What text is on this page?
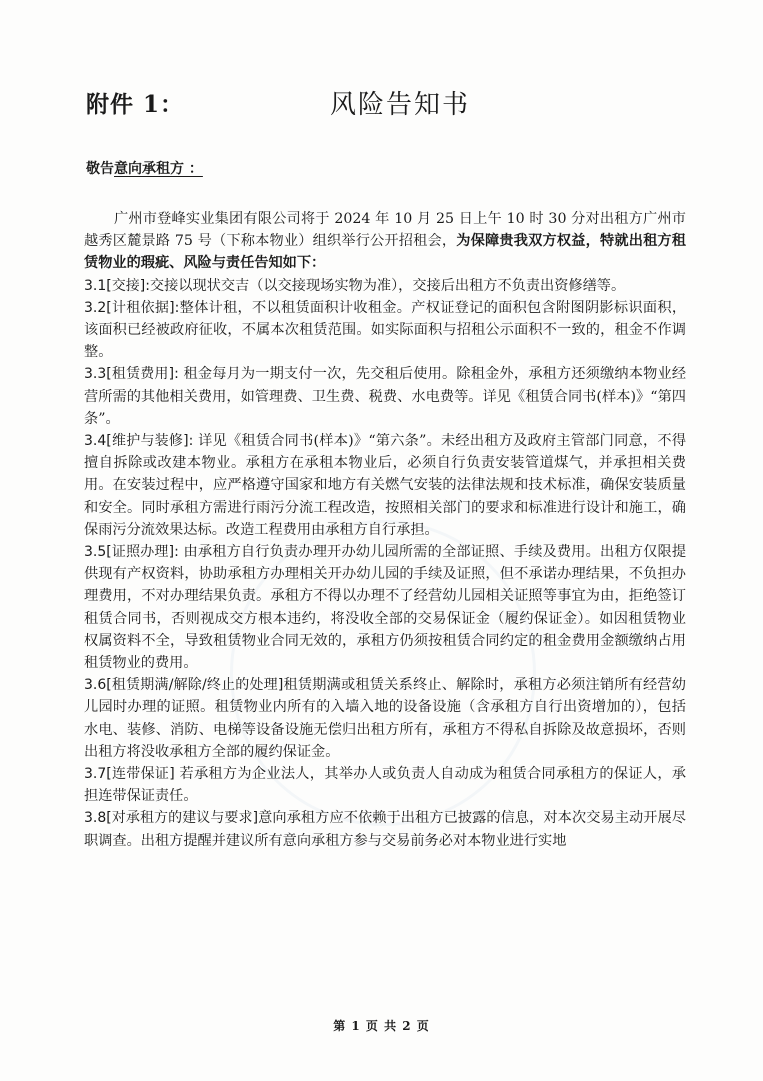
附件 1：	风险告知书
敬告意向承租方 ：

广州市登峰实业集团有限公司将于 2024 年 10 月 25 日上午 10 时 30 分对出租方广州市越秀区麓景路 75 号（下称本物业）组织举行公开招租会，为保障贵我双方权益，特就出租方租赁物业的瑕疵、风险与责任告知如下：

3.1[交接]:交接以现状交吉（以交接现场实物为准），交接后出租方不负责出资修缮等。

3.2[计租依据]:整体计租，不以租赁面积计收租金。产权证登记的面积包含附图阴影标识面积，该面积已经被政府征收，不属本次租赁范围。如实际面积与招租公示面积不一致的，租金不作调整。

3.3[租赁费用]: 租金每月为一期支付一次，先交租后使用。除租金外，承租方还须缴纳本物业经营所需的其他相关费用，如管理费、卫生费、税费、水电费等。详见《租赁合同书(样本)》“第四条”。

3.4[维护与装修]: 详见《租赁合同书(样本)》“第六条”。未经出租方及政府主管部门同意，不得擅自拆除或改建本物业。承租方在承租本物业后，必须自行负责安装管道煤气，并承担相关费用。在安装过程中，应严格遵守国家和地方有关燃气安装的法律法规和技术标准，确保安装质量和安全。同时承租方需进行雨污分流工程改造，按照相关部门的要求和标准进行设计和施工，确保雨污分流效果达标。改造工程费用由承租方自行承担。

3.5[证照办理]: 由承租方自行负责办理开办幼儿园所需的全部证照、手续及费用。出租方仅限提供现有产权资料，协助承租方办理相关开办幼儿园的手续及证照，但不承诺办理结果，不负担办理费用，不对办理结果负责。承租方不得以办理不了经营幼儿园相关证照等事宜为由，拒绝签订租赁合同书，否则视成交方根本违约，将没收全部的交易保证金（履约保证金）。如因租赁物业权属资料不全，导致租赁物业合同无效的，承租方仍须按租赁合同约定的租金费用金额缴纳占用租赁物业的费用。

3.6[租赁期满/解除/终止的处理]租赁期满或租赁关系终止、解除时，承租方必须注销所有经营幼儿园时办理的证照。租赁物业内所有的入墙入地的设备设施（含承租方自行出资增加的），包括水电、装修、消防、电梯等设备设施无偿归出租方所有，承租方不得私自拆除及故意损坏，否则出租方将没收承租方全部的履约保证金。

3.7[连带保证] 若承租方为企业法人，其举办人或负责人自动成为租赁合同承租方的保证人，承担连带保证责任。

3.8[对承租方的建议与要求]意向承租方应不依赖于出租方已披露的信息，对本次交易主动开展尽职调查。出租方提醒并建议所有意向承租方参与交易前务必对本物业进行实地

第 1 页 共 2 页
